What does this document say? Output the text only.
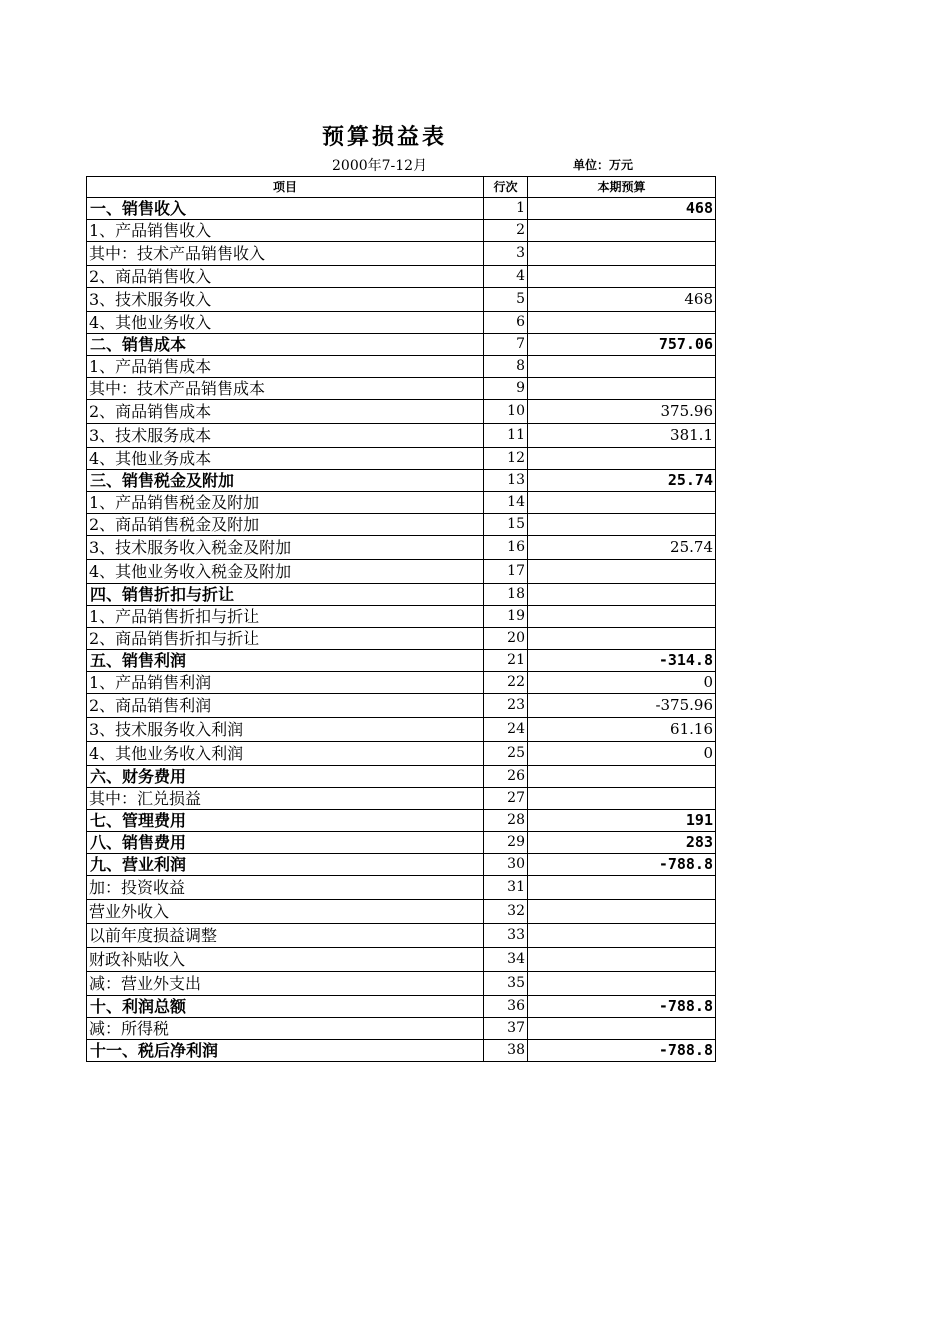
预算损益表
2000年7-12月	单位：万元
项目	行次	本期预算
一、销售收入	1	468
1、产品销售收入	2	
其中：技术产品销售收入	3	
2、商品销售收入	4	
3、技术服务收入	5	468
4、其他业务收入	6	
二、销售成本	7	757.06
1、产品销售成本	8	
其中：技术产品销售成本	9	
2、商品销售成本	10	375.96
3、技术服务成本	11	381.1
4、其他业务成本	12	
三、销售税金及附加	13	25.74
1、产品销售税金及附加	14	
2、商品销售税金及附加	15	
3、技术服务收入税金及附加	16	25.74
4、其他业务收入税金及附加	17	
四、销售折扣与折让	18	
1、产品销售折扣与折让	19	
2、商品销售折扣与折让	20	
五、销售利润	21	-314.8
1、产品销售利润	22	0
2、商品销售利润	23	-375.96
3、技术服务收入利润	24	61.16
4、其他业务收入利润	25	0
六、财务费用	26	
其中：汇兑损益	27	
七、管理费用	28	191
八、销售费用	29	283
九、营业利润	30	-788.8
加：投资收益	31	
营业外收入	32	
以前年度损益调整	33	
财政补贴收入	34	
减：营业外支出	35	
十、利润总额	36	-788.8
减：所得税	37	
十一、税后净利润	38	-788.8
